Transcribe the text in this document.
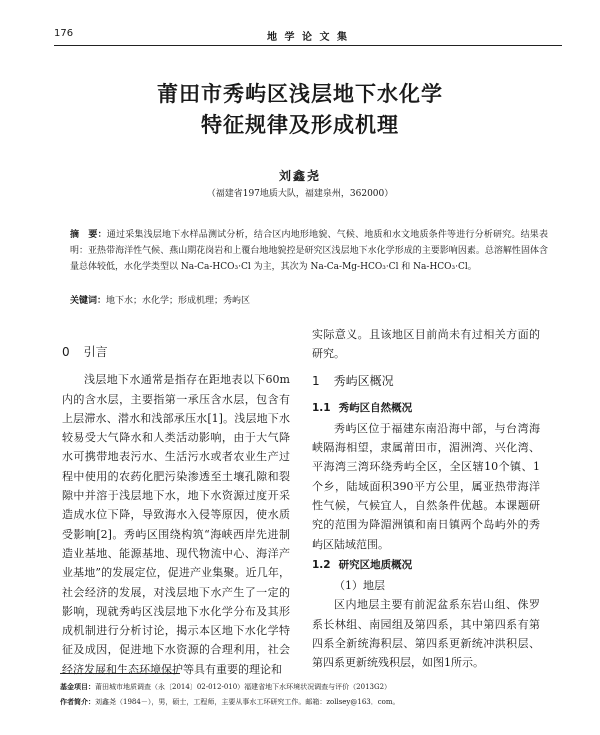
176	地 学 论 文 集
莆田市秀屿区浅层地下水化学
特征规律及形成机理
刘鑫尧
（福建省197地质大队，福建泉州，362000）
摘　要：通过采集浅层地下水样品测试分析，结合区内地形地貌、气候、地质和水文地质条件等进行分析研究。结果表明：亚热带海洋性气候、燕山期花岗岩和上覆台地地貌控是研究区浅层地下水化学形成的主要影响因素。总溶解性固体含量总体较低，水化学类型以 Na-Ca-HCO₃·Cl 为主，其次为 Na-Ca-Mg-HCO₃·Cl 和 Na-HCO₃·Cl。
关键词：地下水；水化学；形成机理；秀屿区
0 引言

浅层地下水通常是指存在距地表以下60m内的含水层，主要指第一承压含水层，包含有上层滞水、潜水和浅部承压水[1]。浅层地下水较易受大气降水和人类活动影响，由于大气降水可携带地表污水、生活污水或者农业生产过程中使用的农药化肥污染渗透至土壤孔隙和裂隙中并溶于浅层地下水，地下水资源过度开采造成水位下降，导致海水入侵等原因，使水质受影响[2]。秀屿区围绕构筑“海峡西岸先进制造业基地、能源基地、现代物流中心、海洋产业基地”的发展定位，促进产业集聚。近几年，社会经济的发展，对浅层地下水产生了一定的影响，现就秀屿区浅层地下水化学分布及其形成机制进行分析讨论，揭示本区地下水化学特征及成因，促进地下水资源的合理利用，社会经济发展和生态环境保护等具有重要的理论和

实际意义。且该地区目前尚未有过相关方面的研究。

1 秀屿区概况
1.1 秀屿区自然概况

秀屿区位于福建东南沿海中部，与台湾海峡隔海相望，隶属莆田市，湄洲湾、兴化湾、平海湾三湾环绕秀屿全区，全区辖10个镇、1个乡，陆域面积390平方公里，属亚热带海洋性气候，气候宜人，自然条件优越。本课题研究的范围为降湄洲镇和南日镇两个岛屿外的秀屿区陆域范围。

1.2 研究区地质概况

（1）地层

区内地层主要有前泥盆系东岩山组、侏罗系长林组、南园组及第四系，其中第四系有第四系全新统海积层、第四系更新统冲洪积层、第四系更新统残积层，如图1所示。

基金项目：莆田城市地质调查（永〔2014〕02-012-010）福建省地下水环境状况调查与评价（2013G2）
作者简介：刘鑫尧（1984－），男，硕士，工程师，主要从事水工环研究工作。邮箱：zollsey@163．com。
